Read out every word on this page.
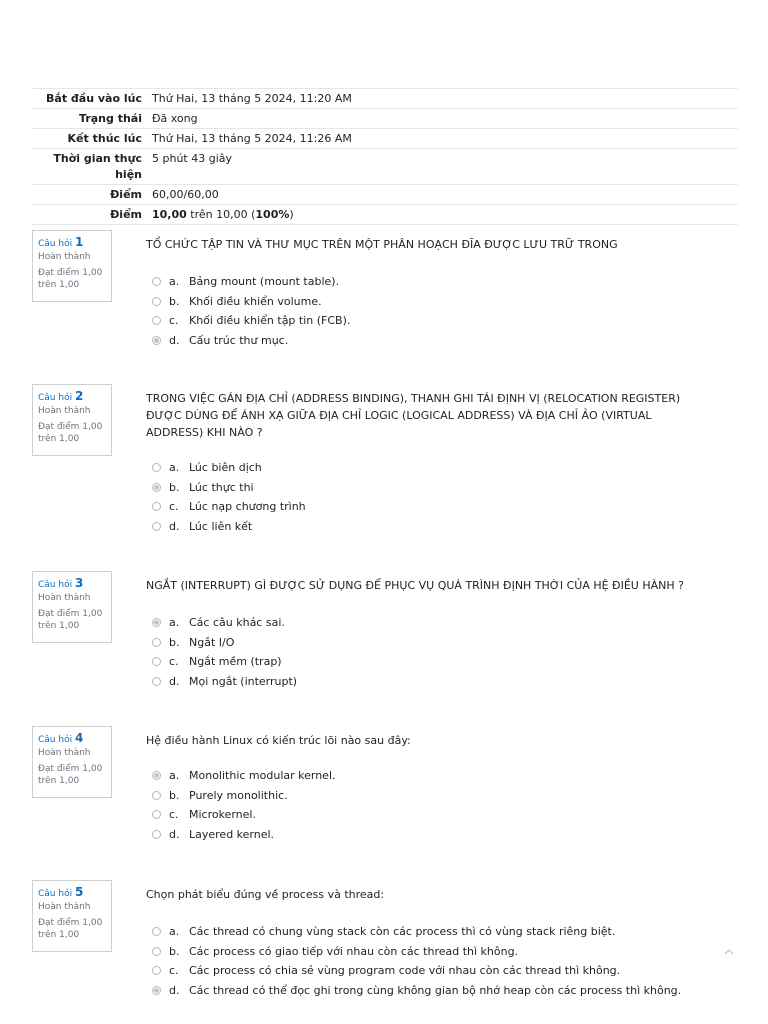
Bắt đầu vào lúc Thứ Hai, 13 tháng 5 2024, 11:20 AM
Trạng thái Đã xong
Kết thúc lúc Thứ Hai, 13 tháng 5 2024, 11:26 AM
Thời gian thực hiện
5 phút 43 giây
Điểm 60,00/60,00
Điểm 10,00 trên 10,00 (100%)
Câu hỏi 1
Hoàn thành
Đạt điểm 1,00 trên 1,00
TỔ CHỨC TẬP TIN VÀ THƯ MỤC TRÊN MỘT PHÂN HOẠCH ĐĨA ĐƯỢC LƯU TRỮ TRONG
a. Bảng mount (mount table).
b. Khối điều khiển volume.
c. Khối điều khiển tập tin (FCB).
d. Cấu trúc thư mục.
Câu hỏi 2
Hoàn thành
Đạt điểm 1,00 trên 1,00
TRONG VIỆC GÁN ĐỊA CHỈ (ADDRESS BINDING), THANH GHI TÁI ĐỊNH VỊ (RELOCATION REGISTER) ĐƯỢC DÙNG ĐỂ ÁNH XẠ GIỮA ĐỊA CHỈ LOGIC (LOGICAL ADDRESS) VÀ ĐỊA CHỈ ẢO (VIRTUAL ADDRESS) KHI NÀO ?
a. Lúc biên dịch
b. Lúc thực thi
c. Lúc nạp chương trình
d. Lúc liên kết
Câu hỏi 3
Hoàn thành
Đạt điểm 1,00 trên 1,00
NGẮT (INTERRUPT) GÌ ĐƯỢC SỬ DỤNG ĐỂ PHỤC VỤ QUÁ TRÌNH ĐỊNH THỜI CỦA HỆ ĐIỀU HÀNH ?
a. Các câu khác sai.
b. Ngắt I/O
c. Ngắt mềm (trap)
d. Mọi ngắt (interrupt)
Câu hỏi 4
Hoàn thành
Đạt điểm 1,00 trên 1,00
Hệ điều hành Linux có kiến trúc lõi nào sau đây:
a. Monolithic modular kernel.
b. Purely monolithic.
c. Microkernel.
d. Layered kernel.
Câu hỏi 5
Hoàn thành
Đạt điểm 1,00 trên 1,00
Chọn phát biểu đúng về process và thread:
a. Các thread có chung vùng stack còn các process thì có vùng stack riêng biệt.
b. Các process có giao tiếp với nhau còn các thread thì không.
c. Các process có chia sẻ vùng program code với nhau còn các thread thì không.
d. Các thread có thể đọc ghi trong cùng không gian bộ nhớ heap còn các process thì không.
